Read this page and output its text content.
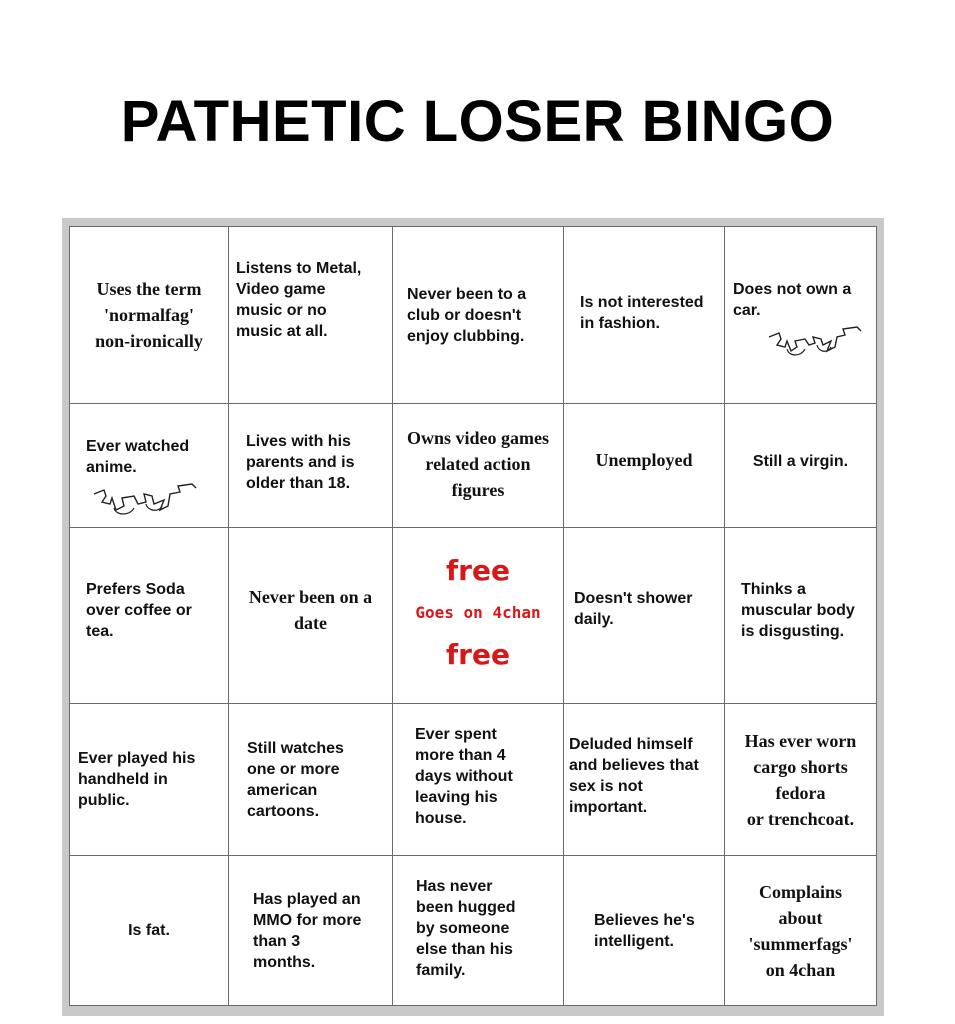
PATHETIC LOSER BINGO
Uses the term
'normalfag'
non-ironically
Listens to Metal,
Video game
music or no
music at all.
Never been to a
club or doesn't
enjoy clubbing.
Is not interested
in fashion.
Does not own a
car.
Ever watched
anime.
Lives with his
parents and is
older than 18.
Owns video games
related action
figures
Unemployed	Still a virgin.
Prefers Soda
over coffee or
tea.
Never been on a
date
free
Goes on 4chan
free
Doesn't shower
daily.
Thinks a
muscular body
is disgusting.
Ever played his
handheld in
public.
Still watches
one or more
american
cartoons.
Ever spent
more than 4
days without
leaving his
house.
Deluded himself
and believes that
sex is not
important.
Has ever worn
cargo shorts
fedora
or trenchcoat.
Is fat.
Has played an
MMO for more
than 3
months.
Has never
been hugged
by someone
else than his
family.
Believes he's
intelligent.
Complains
about
'summerfags'
on 4chan
